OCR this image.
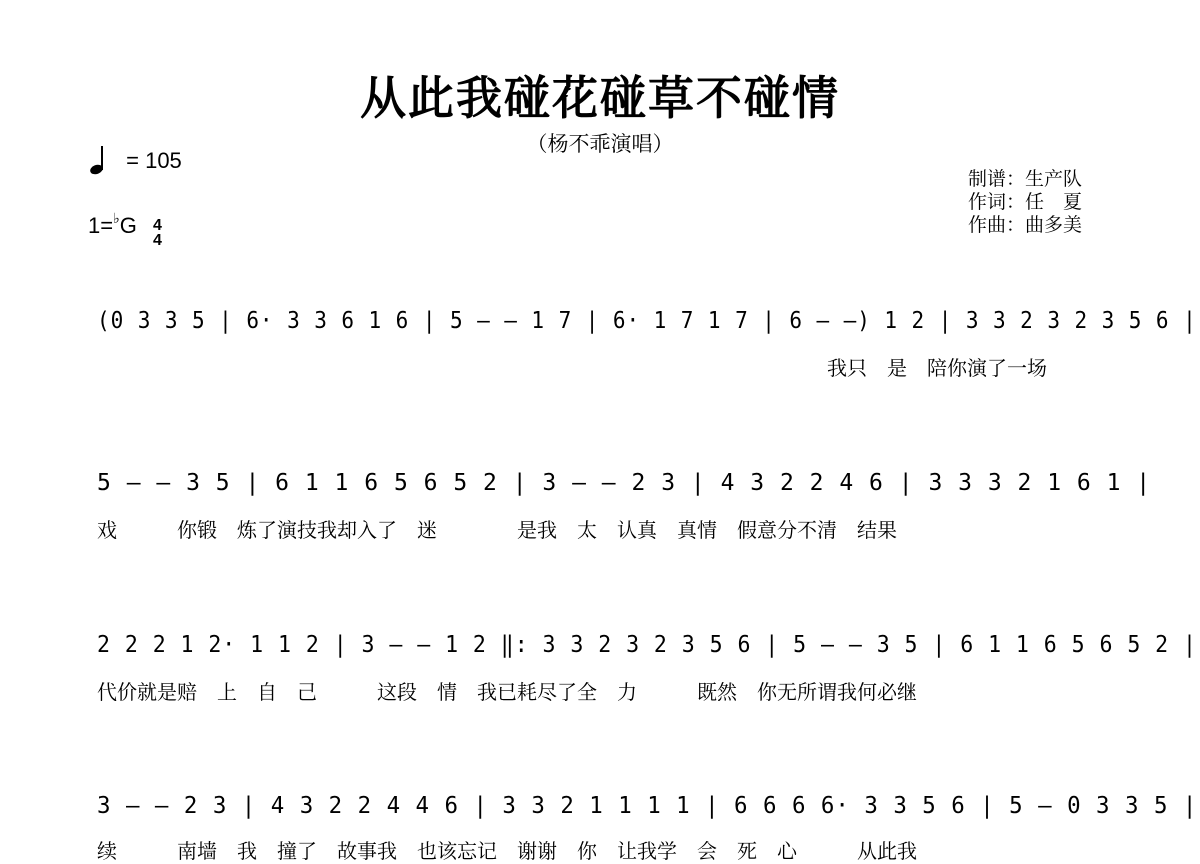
从此我碰花碰草不碰情
（杨不乖演唱）
= 105
1=♭G 4
4
制谱：生产队
作词：任　夏
作曲：曲多美
(0 3 3 5 | 6· 3 3 6 1 6 | 5 — — 1 7 | 6· 1 7 1 7 | 6 — —) 1 2 | 3 3 2 3 2 3 5 6 |
我只　是　陪你演了一场
5 — — 3 5 | 6 1 1 6 5 6 5 2 | 3 — — 2 3 | 4 3 2 2 4 6 | 3 3 3 2 1 6 1 |
戏　　　你锻　炼了演技我却入了　迷　　　　是我　太　认真　真情　假意分不清　结果
2 2 2 1 2· 1 1 2 | 3 — — 1 2 ‖: 3 3 2 3 2 3 5 6 | 5 — — 3 5 | 6 1 1 6 5 6 5 2 |
代价就是赔　上　自　己　　　这段　情　我已耗尽了全　力　　　既然　你无所谓我何必继
3 — — 2 3 | 4 3 2 2 4 4 6 | 3 3 2 1 1 1 1 | 6 6 6 6· 3 3 5 6 | 5 — 0 3 3 5 |
续　　　南墙　我　撞了　故事我　也该忘记　谢谢　你　让我学　会　死　心　　　从此我
